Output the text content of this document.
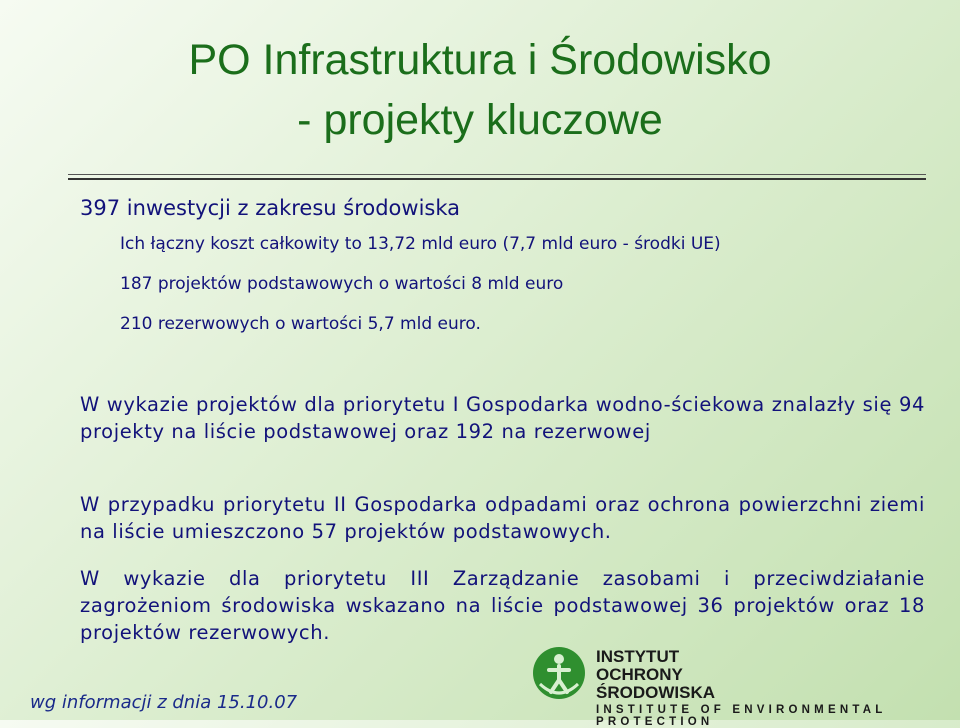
PO Infrastruktura i Środowisko
- projekty kluczowe
397 inwestycji z zakresu środowiska
Ich łączny koszt całkowity to 13,72 mld euro (7,7 mld euro - środki UE)
187 projektów podstawowych o wartości 8 mld euro
210 rezerwowych o wartości 5,7 mld euro.
W wykazie projektów dla priorytetu I Gospodarka wodno-ściekowa znalazły się 94 projekty na liście podstawowej oraz 192 na rezerwowej
W przypadku priorytetu II Gospodarka odpadami oraz ochrona powierzchni ziemi na liście umieszczono 57 projektów podstawowych.
W wykazie dla priorytetu III Zarządzanie zasobami i przeciwdziałanie zagrożeniom środowiska wskazano na liście podstawowej 36 projektów oraz 18 projektów rezerwowych.
wg informacji z dnia 15.10.07
INSTYTUT
OCHRONY
ŚRODOWISKA
INSTITUTE OF ENVIRONMENTAL PROTECTION
